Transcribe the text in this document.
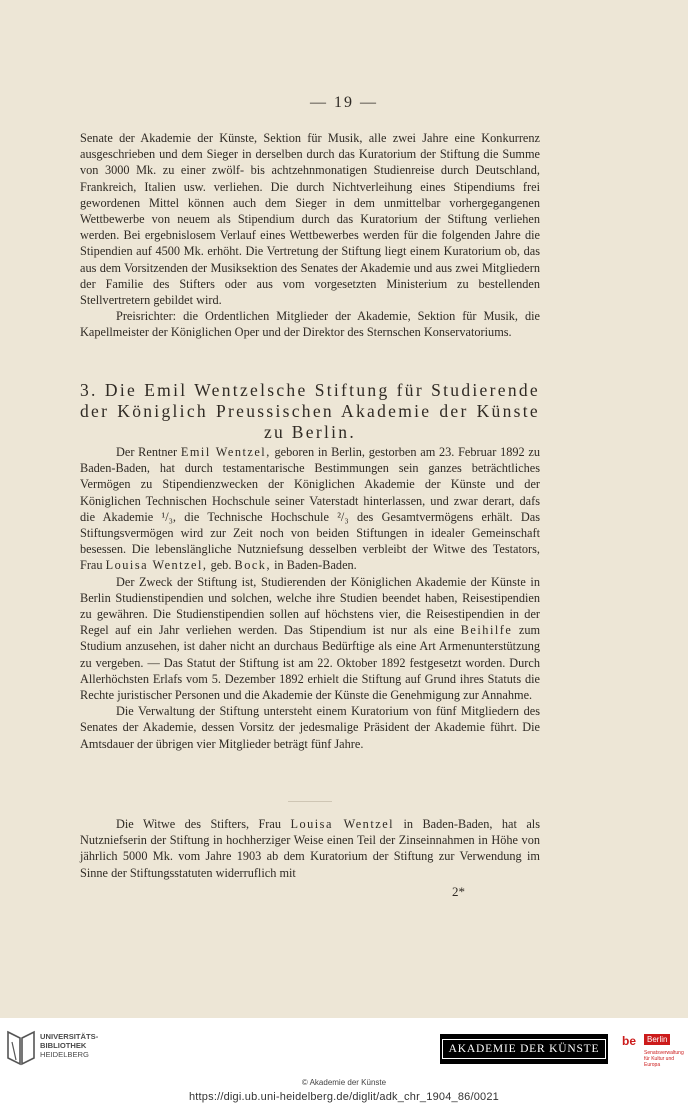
— 19 —

Senate der Akademie der Künste, Sektion für Musik, alle zwei Jahre eine Konkurrenz ausgeschrieben und dem Sieger in derselben durch das Kuratorium der Stiftung die Summe von 3000 Mk. zu einer zwölf- bis achtzehnmonatigen Studienreise durch Deutschland, Frankreich, Italien usw. verliehen. Die durch Nichtverleihung eines Stipendiums frei gewordenen Mittel können auch dem Sieger in dem unmittelbar vorhergegangenen Wettbewerbe von neuem als Stipendium durch das Kuratorium der Stiftung verliehen werden. Bei ergebnislosem Verlauf eines Wettbewerbes werden für die folgenden Jahre die Stipendien auf 4500 Mk. erhöht. Die Vertretung der Stiftung liegt einem Kuratorium ob, das aus dem Vorsitzenden der Musiksektion des Senates der Akademie und aus zwei Mitgliedern der Familie des Stifters oder aus vom vorgesetzten Ministerium zu bestellenden Stellvertretern gebildet wird.

Preisrichter: die Ordentlichen Mitglieder der Akademie, Sektion für Musik, die Kapellmeister der Königlichen Oper und der Direktor des Sternschen Konservatoriums.

3. Die Emil Wentzelsche Stiftung für Studierende
der Königlich Preussischen Akademie der Künste
zu Berlin.

Der Rentner Emil Wentzel, geboren in Berlin, gestorben am 23. Februar 1892 zu Baden-Baden, hat durch testamentarische Bestimmungen sein ganzes beträchtliches Vermögen zu Stipendienzwecken der Königlichen Akademie der Künste und der Königlichen Technischen Hochschule seiner Vaterstadt hinterlassen, und zwar derart, dafs die Akademie ¹/₃, die Technische Hochschule ²/₃ des Gesamtvermögens erhält. Das Stiftungsvermögen wird zur Zeit noch von beiden Stiftungen in idealer Gemeinschaft besessen. Die lebenslängliche Nutzniefsung desselben verbleibt der Witwe des Testators, Frau Louisa Wentzel, geb. Bock, in Baden-Baden.

Der Zweck der Stiftung ist, Studierenden der Königlichen Akademie der Künste in Berlin Studienstipendien und solchen, welche ihre Studien beendet haben, Reisestipendien zu gewähren. Die Studienstipendien sollen auf höchstens vier, die Reisestipendien in der Regel auf ein Jahr verliehen werden. Das Stipendium ist nur als eine Beihilfe zum Studium anzusehen, ist daher nicht an durchaus Bedürftige als eine Art Armenunterstützung zu vergeben. — Das Statut der Stiftung ist am 22. Oktober 1892 festgesetzt worden. Durch Allerhöchsten Erlafs vom 5. Dezember 1892 erhielt die Stiftung auf Grund ihres Statuts die Rechte juristischer Personen und die Akademie der Künste die Genehmigung zur Annahme.

Die Verwaltung der Stiftung untersteht einem Kuratorium von fünf Mitgliedern des Senates der Akademie, dessen Vorsitz der jedesmalige Präsident der Akademie führt. Die Amtsdauer der übrigen vier Mitglieder beträgt fünf Jahre.

Die Witwe des Stifters, Frau Louisa Wentzel in Baden-Baden, hat als Nutzniefserin der Stiftung in hochherziger Weise einen Teil der Zinseinnahmen in Höhe von jährlich 5000 Mk. vom Jahre 1903 ab dem Kuratorium der Stiftung zur Verwendung im Sinne der Stiftungsstatuten widerruflich mit

2*
UNIVERSITÄTS-
BIBLIOTHEK
HEIDELBERG	AKADEMIE DER KÜNSTE
be	Berlin
Senatsverwaltung für Kultur und Europa
© Akademie der Künste
https://digi.ub.uni-heidelberg.de/diglit/adk_chr_1904_86/0021
